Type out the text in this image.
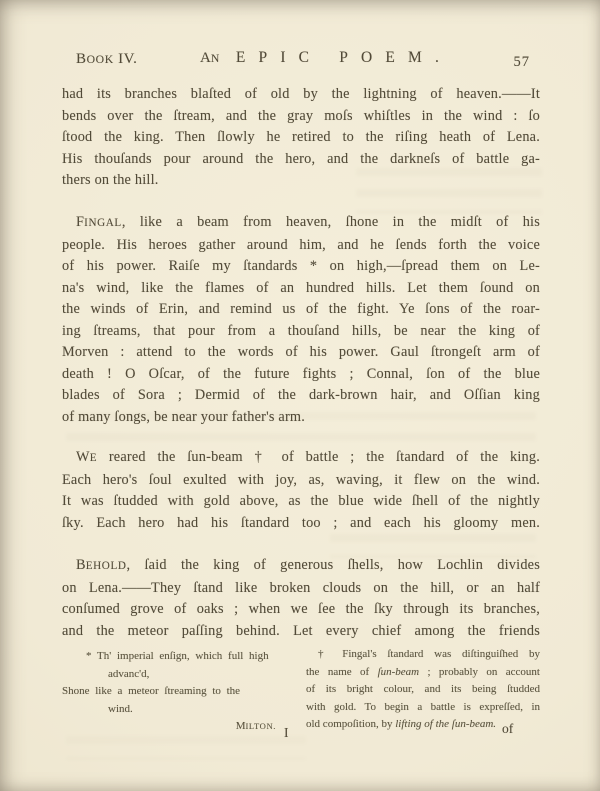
BOOK IV.	AN EPIC POEM.	57
had its branches blaſted of old by the lightning of heaven.——It
bends over the ſtream, and the gray moſs whiſtles in the wind : ſo
ſtood the king. Then ſlowly he retired to the riſing heath of Lena.
His thouſands pour around the hero, and the darkneſs of battle ga-
thers on the hill.
FINGAL, like a beam from heaven, ſhone in the midſt of his
people. His heroes gather around him, and he ſends forth the voice
of his power. Raiſe my ſtandards * on high,—ſpread them on Le-
na's wind, like the flames of an hundred hills. Let them ſound on
the winds of Erin, and remind us of the fight. Ye ſons of the roar-
ing ſtreams, that pour from a thouſand hills, be near the king of
Morven : attend to the words of his power. Gaul ſtrongeſt arm of
death ! O Oſcar, of the future fights ; Connal, ſon of the blue
blades of Sora ; Dermid of the dark-brown hair, and Oſſian king
of many ſongs, be near your father's arm.
WE reared the ſun-beam † of battle ; the ſtandard of the king.
Each hero's ſoul exulted with joy, as, waving, it flew on the wind.
It was ſtudded with gold above, as the blue wide ſhell of the nightly
ſky. Each hero had his ſtandard too ; and each his gloomy men.
BEHOLD, ſaid the king of generous ſhells, how Lochlin divides
on Lena.——They ſtand like broken clouds on the hill, or an half
conſumed grove of oaks ; when we ſee the ſky through its branches,
and the meteor paſſing behind. Let every chief among the friends
* Th' imperial enſign, which full high
advanc'd,
Shone like a meteor ſtreaming to the
wind.
MILTON.
† Fingal's ſtandard was diſtinguiſhed by
the name of ſun-beam ; probably on account
of its bright colour, and its being ſtudded
with gold. To begin a battle is expreſſed, in
old compoſition, by lifting of the ſun-beam.
I	of
